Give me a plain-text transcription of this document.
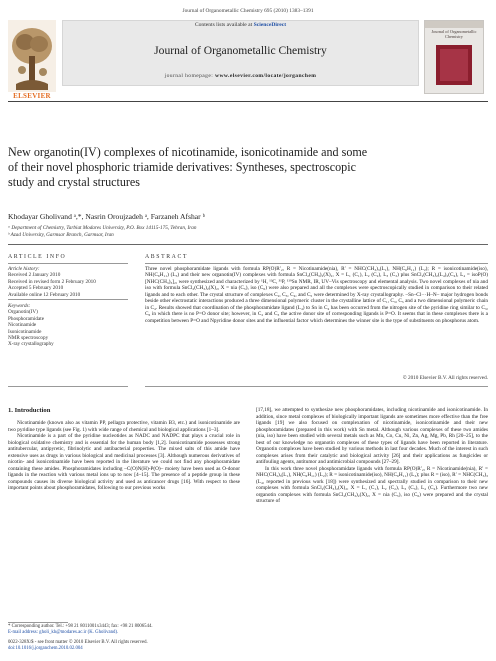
Journal of Organometallic Chemistry 695 (2010) 1383–1391
Contents lists available at ScienceDirect
Journal of Organometallic Chemistry
journal homepage: www.elsevier.com/locate/jorganchem
ELSEVIER
Journal of Organometallic Chemistry
New organotin(IV) complexes of nicotinamide, isonicotinamide and some
of their novel phosphoric triamide derivatives: Syntheses, spectroscopic
study and crystal structures
Khodayar Gholivand ᵃ,*, Nasrin Oroujzadeh ᵃ, Farzaneh Afshar ᵇ
ᵃ Department of Chemistry, Tarbiat Modares University, P.O. Box 14115-175, Tehran, Iran
ᵇ Azad University, Garmsar Branch, Garmsar, Iran
ARTICLE INFO	ABSTRACT
Article history:
Received 2 January 2010
Received in revised form 2 February 2010
Accepted 5 February 2010
Available online 12 February 2010
Keywords:
Organotin(IV)
Phosphoramidate
Nicotinamide
Isonicotinamide
NMR spectroscopy
X-ray crystallography
Three novel phosphoramidate ligands with formula RP(O)R′₂, R = Nicotinamide(nia), R′ = NHC(CH₃)₃(L₁), NH(C₆H₁₁) (L₂); R = isonicotinamide(iso), NH(C₆H₁₁) (L₃) and their new organotin(IV) complexes with formula SnCl₂(CH₃)₂(X)₂, X = L₁ (C₁), L₂ (C₂), L₃ (C₃) plus SnCl₂(CH₃)₂(L₄)₂(C₄), L₄ = isoP(O)[NHC(CH₃)₃]₂, were synthesized and characterized by ¹H, ¹³C, ³¹P, ¹¹⁹Sn NMR, IR, UV–Vis spectroscopy and elemental analysis. Two novel complexes of nia and iso with formula SnCl₂(CH₃)₂(X)₂, X = nia (C₅), iso (C₆) were also prepared and all the complexes were spectroscopically studied in comparison to their related ligands and to each other. The crystal structure of complexes C₂, C₃, C₄, and C₅ were determined by X-ray crystallography. –Sn–Cl···H–N– major hydrogen bonds beside other electrostatic interactions produced a three dimensional polymeric cluster in the crystalline lattice of C₁, C₃, C₅ and a two dimensional polymeric chain in C₄. Results showed that coordination of the phosphoramidate ligand (L₄) to Sn in C₄ has been occurred from the nitrogen site of the pyridine ring similar to C₃, C₆ in which there is no P=O donor site; however, in C₂ and C₃ the active donor site of corresponding ligands is P=O. It seems that in these complexes there is a competition between P=O and Npyridine donor sites and the influential factor which determines the winner site is the type of substituents on phosphorus atom.
© 2010 Elsevier B.V. All rights reserved.
1. Introduction

Nicotinamide (known also as vitamin PP, pellagra protective, vitamin B3, etc.) and isonicotinamide are two pyridine type ligands (see Fig. 1) with wide range of chemical and biological applications [1–3].

Nicotinamide is a part of the pyridine nucleotides as NADC and NADPC that plays a crucial role in biological oxidative chemistry and is essential for the human body [1,2]. Isonicotinamide possesses strong antitubercular, antipyretic, fibrinolytic and antibacterial properties. The mixed salts of this amide have extensive uses as drugs in various biological and medicinal processes [3]. Although numerous derivatives of nicotin- and isonicotinamide have been reported in the literature we could not find any phosphoramidate containing these amides. Phosphoramidates including –C(O)N(H)-P(O)– moiety have been used as O-donor ligands in the reaction with various metal ions up to now [4–15]. The presence of a peptide group in these compounds causes its diverse biological activity and used as anticancer drugs [16]. With respect to these important points about phosphoramidates, following to our previous works

[17,18], we attempted to synthesize new phosphoramidates, including nicotinamide and isonicotinamide. In addition, since metal complexes of biologically important ligands are sometimes more effective than the free ligands [19] we also focused on complexation of nicotinamide, isonicotinamide and their new phosphoramidates (prepared in this work) with Sn metal. Although various complexes of these two amides (nia, iso) have been studied with several metals such as Mn, Co, Cu, Ni, Zn, Ag, Mg, Pb, Rh [20–25], to the best of our knowledge no organotin complexes of these types of ligands have been reported in literature. Organotin complexes have been studied by various methods in last four decades. Much of the interest in such complexes arises from their catalytic and biological activity [26] and their applications as fungicides or antifouling agents, antitumor and antimicrobial compounds [27–29].

In this work three novel phosphoramidate ligands with formula RP(O)R′₂, R = Nicotinamide(nia), R′ = NHC(CH₃)₃(L₁), NH(C₆H₁₁) (L₂); R = isonicotinamide(iso), NH(C₆H₁₁) (L₃); plus R = (iso), R′ = NHC(CH₃)₃ (L₄, reported in previous work [18]) were synthesized and spectrally studied in comparison to their new complexes with formula SnCl₂(CH₃)₂(X)₂, X = L₁ (C₁), L₂ (C₂), L₃ (C₃), L₄ (C₄). Furthermore two new organotin complexes with formula SnCl₂(CH₃)₂(X)₂, X = nia (C₅), iso (C₆) were prepared and the crystal structure of

* Corresponding author. Tel.: +98 21 8011001x3443; fax: +98 21 8006544.
E-mail address: gholi_kh@modares.ac.ir (K. Gholivand).
0022-328X/$ - see front matter © 2010 Elsevier B.V. All rights reserved.
doi:10.1016/j.jorganchem.2010.02.004
